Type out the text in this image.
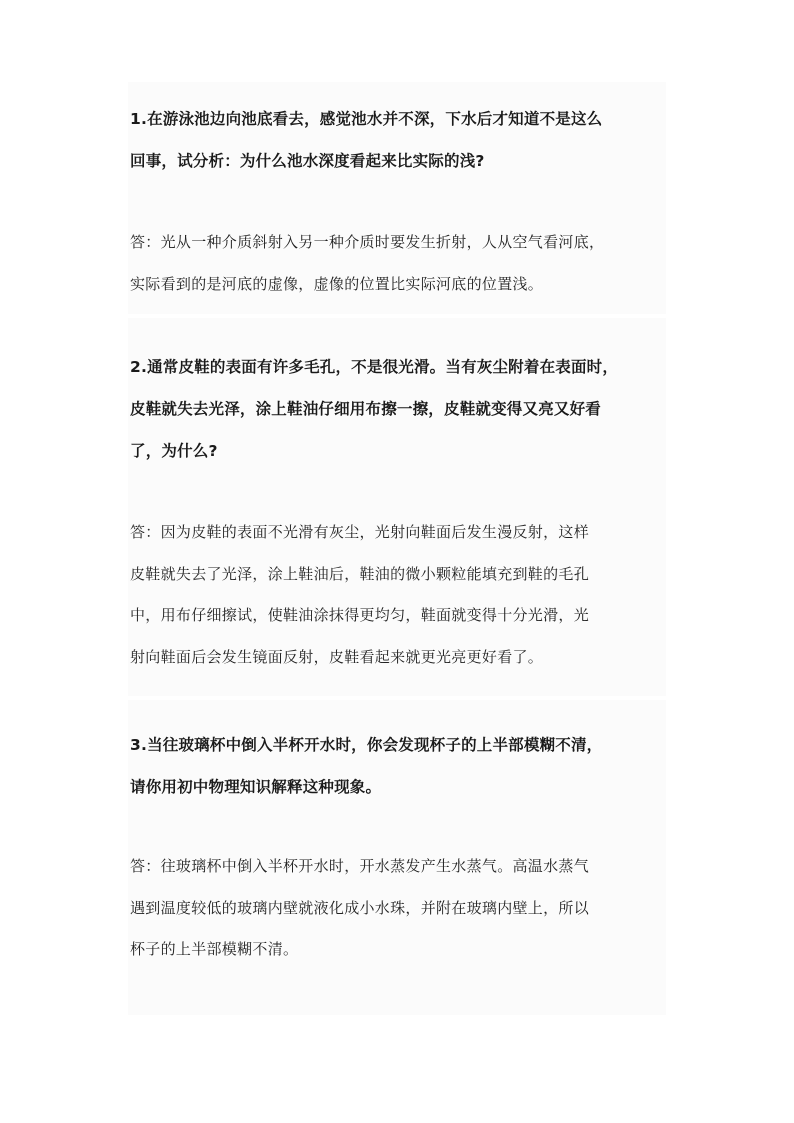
1.在游泳池边向池底看去，感觉池水并不深，下水后才知道不是这么
回事，试分析：为什么池水深度看起来比实际的浅?

答：光从一种介质斜射入另一种介质时要发生折射，人从空气看河底，
实际看到的是河底的虚像，虚像的位置比实际河底的位置浅。

2.通常皮鞋的表面有许多毛孔，不是很光滑。当有灰尘附着在表面时，
皮鞋就失去光泽，涂上鞋油仔细用布擦一擦，皮鞋就变得又亮又好看
了，为什么?

答：因为皮鞋的表面不光滑有灰尘，光射向鞋面后发生漫反射，这样
皮鞋就失去了光泽，涂上鞋油后，鞋油的微小颗粒能填充到鞋的毛孔
中，用布仔细擦试，使鞋油涂抹得更均匀，鞋面就变得十分光滑，光
射向鞋面后会发生镜面反射，皮鞋看起来就更光亮更好看了。

3.当往玻璃杯中倒入半杯开水时，你会发现杯子的上半部模糊不清，
请你用初中物理知识解释这种现象。

答：往玻璃杯中倒入半杯开水时，开水蒸发产生水蒸气。高温水蒸气
遇到温度较低的玻璃内壁就液化成小水珠，并附在玻璃内壁上，所以
杯子的上半部模糊不清。
